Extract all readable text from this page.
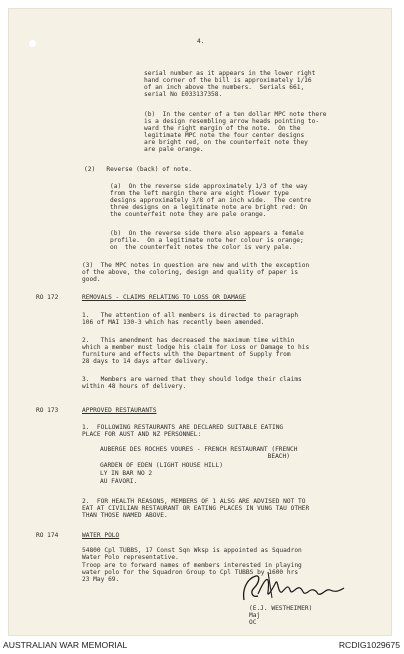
4.
serial number as it appears in the lower right
hand corner of the bill is approximately 1/16
of an inch above the numbers.  Serials 661,
serial No E033137358.
(b)  In the center of a ten dollar MPC note there
is a design resembling arrow heads pointing to-
ward the right margin of the note.  On the
legitimate MPC note the four center designs
are bright red, on the counterfeit note they
are pale orange.
(2)   Reverse (back) of note.
(a)  On the reverse side approximately 1/3 of the way
from the left margin there are eight flower type
designs approximately 3/8 of an inch wide.  The centre
three designs on a legitimate note are bright red: On
the counterfeit note they are pale orange.
(b)  On the reverse side there also appears a female
profile.  On a legitimate note her colour is orange;
on  the counterfeit notes the color is very pale.
(3)  The MPC notes in question are new and with the exception
of the above, the coloring, design and quality of paper is
good.
RO 172	REMOVALS - CLAIMS RELATING TO LOSS OR DAMAGE
1.   The attention of all members is directed to paragraph
106 of MAI 130-3 which has recently been amended.
2.   This amendment has decreased the maximum time within
which a member must lodge his claim for Loss or Damage to his
furniture and effects with the Department of Supply from
28 days to 14 days after delivery.
3.   Members are warned that they should lodge their claims
within 48 hours of delivery.
RO 173	APPROVED RESTAURANTS
1.  FOLLOWING RESTAURANTS ARE DECLARED SUITABLE EATING
PLACE FOR AUST AND NZ PERSONNEL:
AUBERGE DES ROCHES VOURES - FRENCH RESTAURANT (FRENCH
BEACH)
GARDEN OF EDEN (LIGHT HOUSE HILL)
LY IN BAR NO 2
AU FAVORI.
2.  FOR HEALTH REASONS, MEMBERS OF 1 ALSG ARE ADVISED NOT TO
EAT AT CIVILIAN RESTAURANT OR EATING PLACES IN VUNG TAU OTHER
THAN THOSE NAMED ABOVE.
RO 174	WATER POLO
54800 Cpl TUBBS, 17 Const Sqn Wksp is appointed as Squadron
Water Polo representative.
Troop are to forward names of members interested in playing
water polo for the Squadron Group to Cpl TUBBS by 1600 hrs
23 May 69.
(E.J. WESTHEIMER)
Maj
OC
AUSTRALIAN WAR MEMORIAL	RCDIG1029675
